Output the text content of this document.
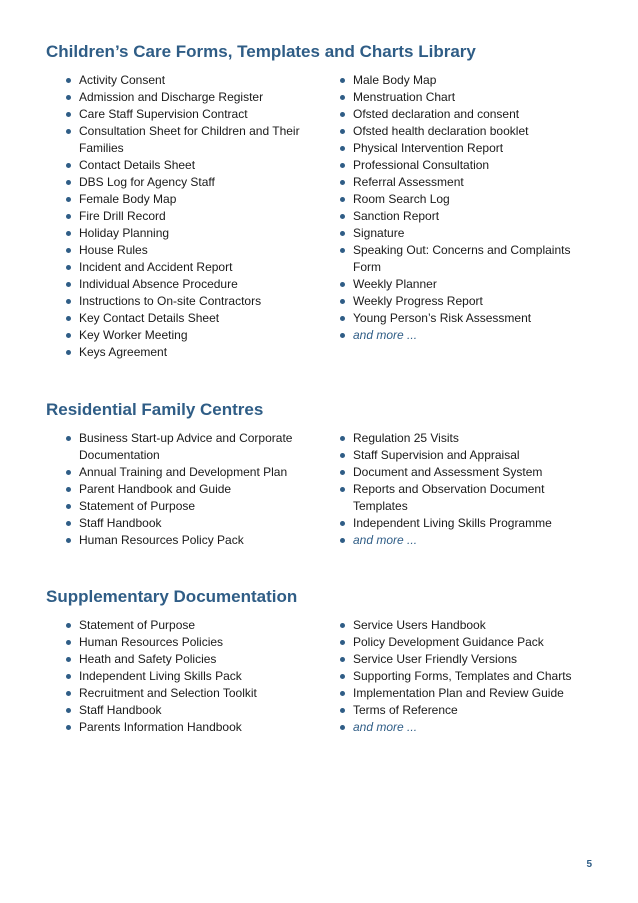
Children’s Care Forms, Templates and Charts Library
Activity Consent
Admission and Discharge Register
Care Staff Supervision Contract
Consultation Sheet for Children and Their Families
Contact Details Sheet
DBS Log for Agency Staff
Female Body Map
Fire Drill Record
Holiday Planning
House Rules
Incident and Accident Report
Individual Absence Procedure
Instructions to On-site Contractors
Key Contact Details Sheet
Key Worker Meeting
Keys Agreement
Male Body Map
Menstruation Chart
Ofsted declaration and consent
Ofsted health declaration booklet
Physical Intervention Report
Professional Consultation
Referral Assessment
Room Search Log
Sanction Report
Signature
Speaking Out: Concerns and Complaints Form
Weekly Planner
Weekly Progress Report
Young Person’s Risk Assessment
and more ...
Residential Family Centres
Business Start-up Advice and Corporate Documentation
Annual Training and Development Plan
Parent Handbook and Guide
Statement of Purpose
Staff Handbook
Human Resources Policy Pack
Regulation 25 Visits
Staff Supervision and Appraisal
Document and Assessment System
Reports and Observation Document Templates
Independent Living Skills Programme
and more ...
Supplementary Documentation
Statement of Purpose
Human Resources Policies
Heath and Safety Policies
Independent Living Skills Pack
Recruitment and Selection Toolkit
Staff Handbook
Parents Information Handbook
Service Users Handbook
Policy Development Guidance Pack
Service User Friendly Versions
Supporting Forms, Templates and Charts
Implementation Plan and Review Guide
Terms of Reference
and more ...
5
